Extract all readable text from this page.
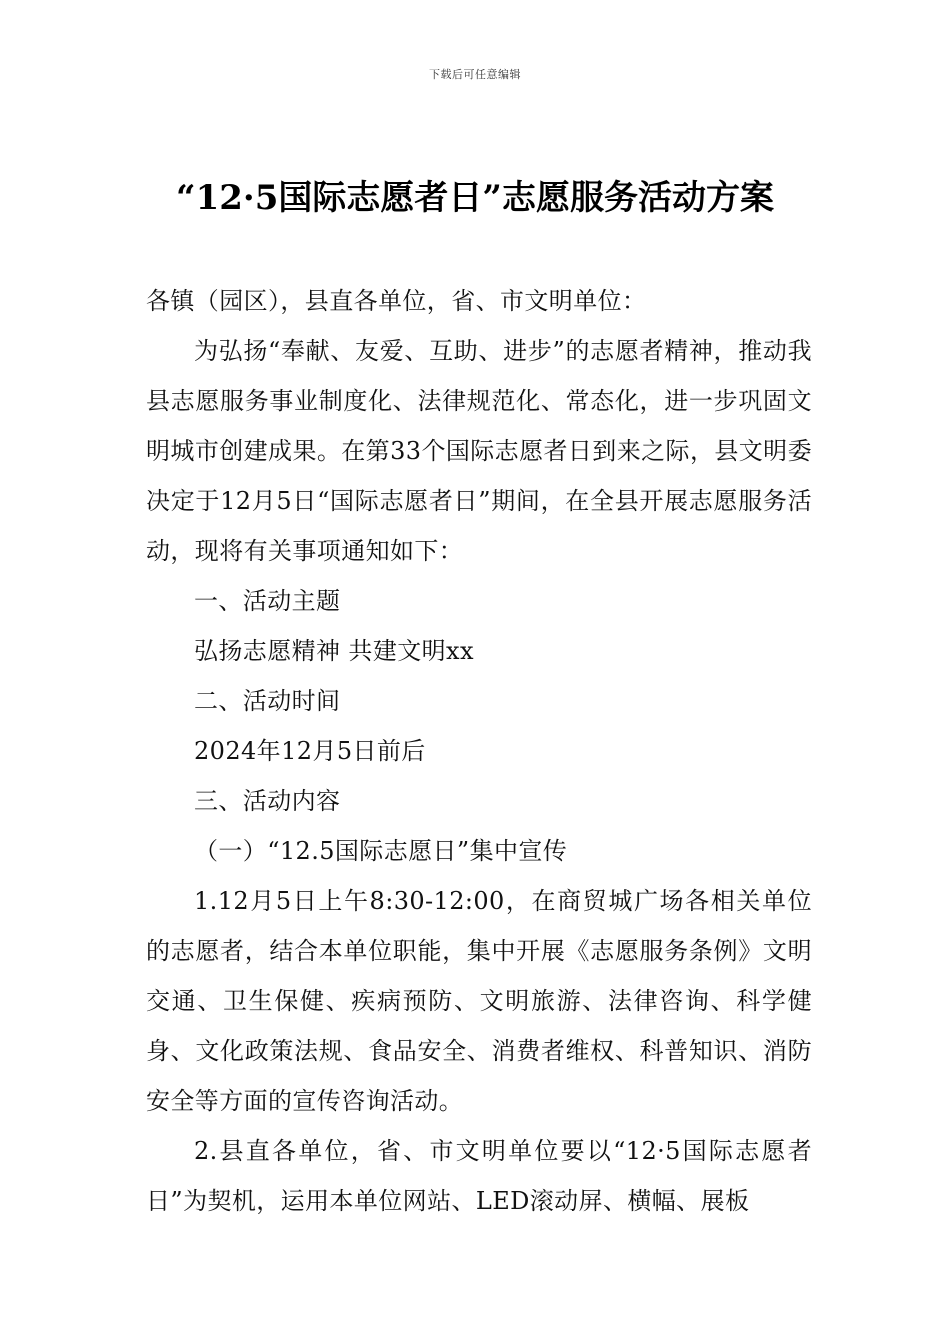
下载后可任意编辑
“12·5国际志愿者日”志愿服务活动方案

各镇（园区），县直各单位，省、市文明单位：

为弘扬“奉献、友爱、互助、进步”的志愿者精神，推动我县志愿服务事业制度化、法律规范化、常态化，进一步巩固文明城市创建成果。在第33个国际志愿者日到来之际，县文明委决定于12月5日“国际志愿者日”期间，在全县开展志愿服务活动，现将有关事项通知如下：

一、活动主题

弘扬志愿精神 共建文明xx

二、活动时间

2024年12月5日前后

三、活动内容

（一）“12.5国际志愿日”集中宣传

1.12月5日上午8:30-12:00，在商贸城广场各相关单位的志愿者，结合本单位职能，集中开展《志愿服务条例》文明交通、卫生保健、疾病预防、文明旅游、法律咨询、科学健身、文化政策法规、食品安全、消费者维权、科普知识、消防安全等方面的宣传咨询活动。

2.县直各单位，省、市文明单位要以“12·5国际志愿者日”为契机，运用本单位网站、LED滚动屏、横幅、展板
